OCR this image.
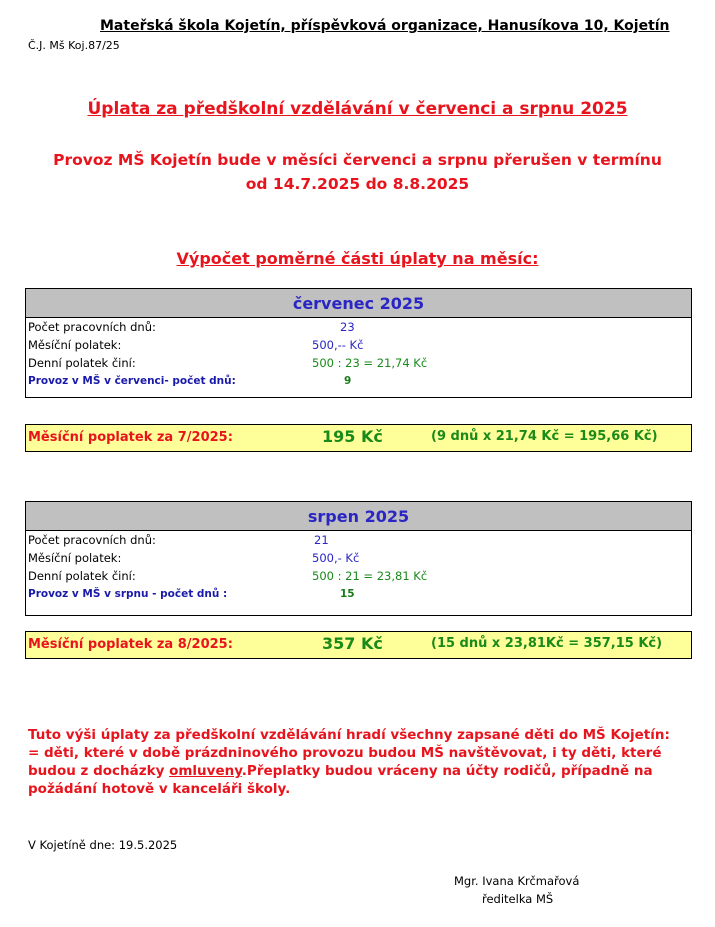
Mateřská škola Kojetín, příspěvková organizace, Hanusíkova 10, Kojetín
Č.J. Mš Koj.87/25
Úplata za předškolní vzdělávání v červenci a srpnu 2025
Provoz MŠ Kojetín bude v měsíci červenci a srpnu přerušen v termínu
od 14.7.2025 do 8.8.2025
Výpočet poměrné části úplaty na měsíc:
červenec 2025
Počet pracovních dnů:	23
Měsíční polatek:	500,-- Kč
Denní polatek činí:	500 : 23 = 21,74 Kč
Provoz v MŠ v červenci- počet dnů:	9
Měsíční poplatek za 7/2025:	195 Kč	(9 dnů x 21,74 Kč = 195,66 Kč)
srpen 2025
Počet pracovních dnů:	21
Měsíční polatek:	500,- Kč
Denní polatek činí:	500 : 21 = 23,81 Kč
Provoz v MŠ v srpnu - počet dnů :	15
Měsíční poplatek za 8/2025:	357 Kč	(15 dnů x 23,81Kč = 357,15 Kč)
Tuto výši úplaty za předškolní vzdělávání hradí všechny zapsané děti do MŠ Kojetín: = děti, které v době prázdninového provozu budou MŠ navštěvovat, i ty děti, které budou z docházky omluveny.Přeplatky budou vráceny na účty rodičů, případně na požádání hotově v kanceláři školy.
V Kojetíně dne: 19.5.2025
Mgr. Ivana Krčmařová
ředitelka MŠ
